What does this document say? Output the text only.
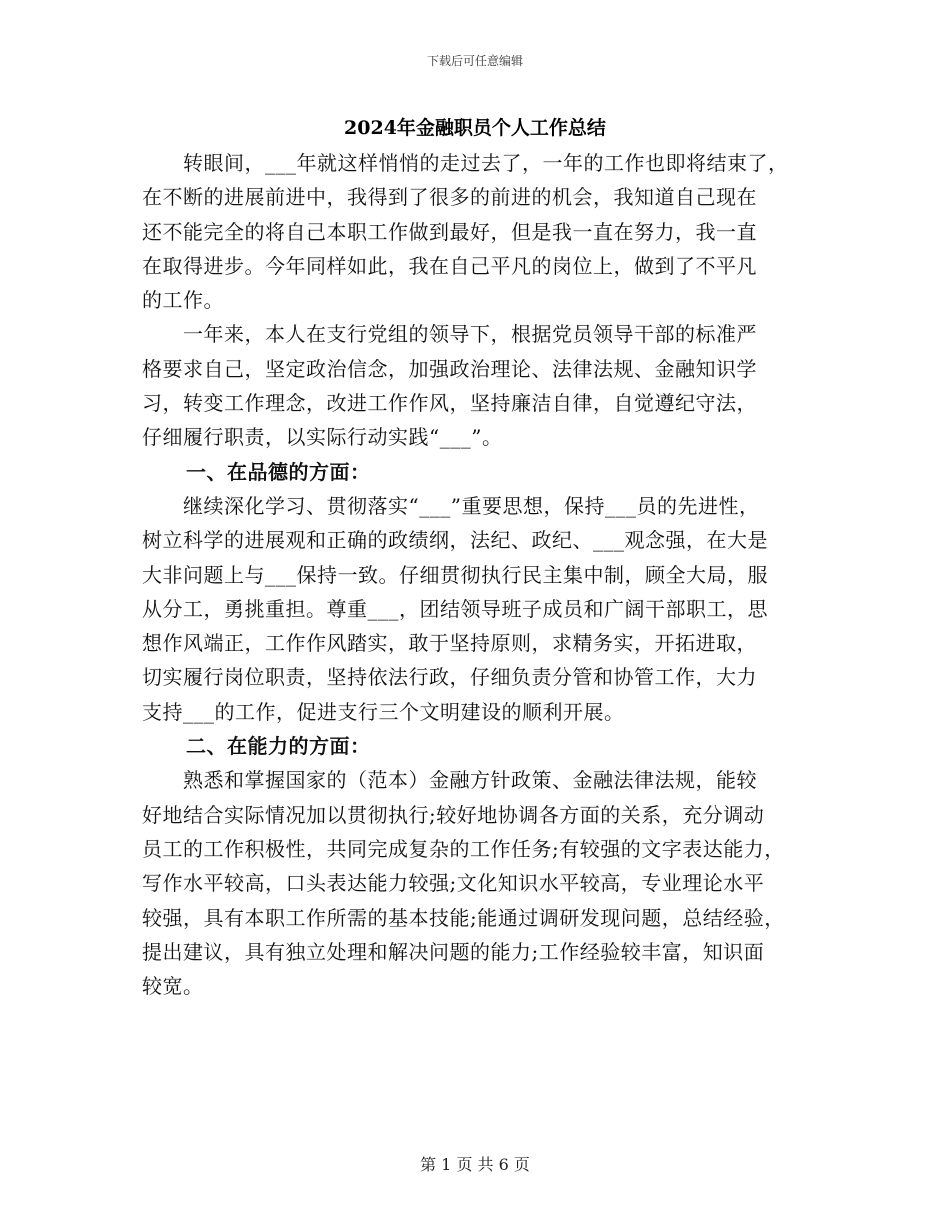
下载后可任意编辑
2024年金融职员个人工作总结
　　转眼间，___年就这样悄悄的走过去了，一年的工作也即将结束了，
在不断的进展前进中，我得到了很多的前进的机会，我知道自己现在
还不能完全的将自己本职工作做到最好，但是我一直在努力，我一直
在取得进步。今年同样如此，我在自己平凡的岗位上，做到了不平凡
的工作。
　　一年来，本人在支行党组的领导下，根据党员领导干部的标准严
格要求自己，坚定政治信念，加强政治理论、法律法规、金融知识学
习，转变工作理念，改进工作作风，坚持廉洁自律，自觉遵纪守法，
仔细履行职责，以实际行动实践“___”。
一、在品德的方面：
　　继续深化学习、贯彻落实“___”重要思想，保持___员的先进性，
树立科学的进展观和正确的政绩纲，法纪、政纪、___观念强，在大是
大非问题上与___保持一致。仔细贯彻执行民主集中制，顾全大局，服
从分工，勇挑重担。尊重___，团结领导班子成员和广阔干部职工，思
想作风端正，工作作风踏实，敢于坚持原则，求精务实，开拓进取，
切实履行岗位职责，坚持依法行政，仔细负责分管和协管工作，大力
支持___的工作，促进支行三个文明建设的顺利开展。
二、在能力的方面：
　　熟悉和掌握国家的（范本）金融方针政策、金融法律法规，能较
好地结合实际情况加以贯彻执行;较好地协调各方面的关系，充分调动
员工的工作积极性，共同完成复杂的工作任务;有较强的文字表达能力，
写作水平较高，口头表达能力较强;文化知识水平较高，专业理论水平
较强，具有本职工作所需的基本技能;能通过调研发现问题，总结经验，
提出建议，具有独立处理和解决问题的能力;工作经验较丰富，知识面
较宽。
第 1 页 共 6 页
